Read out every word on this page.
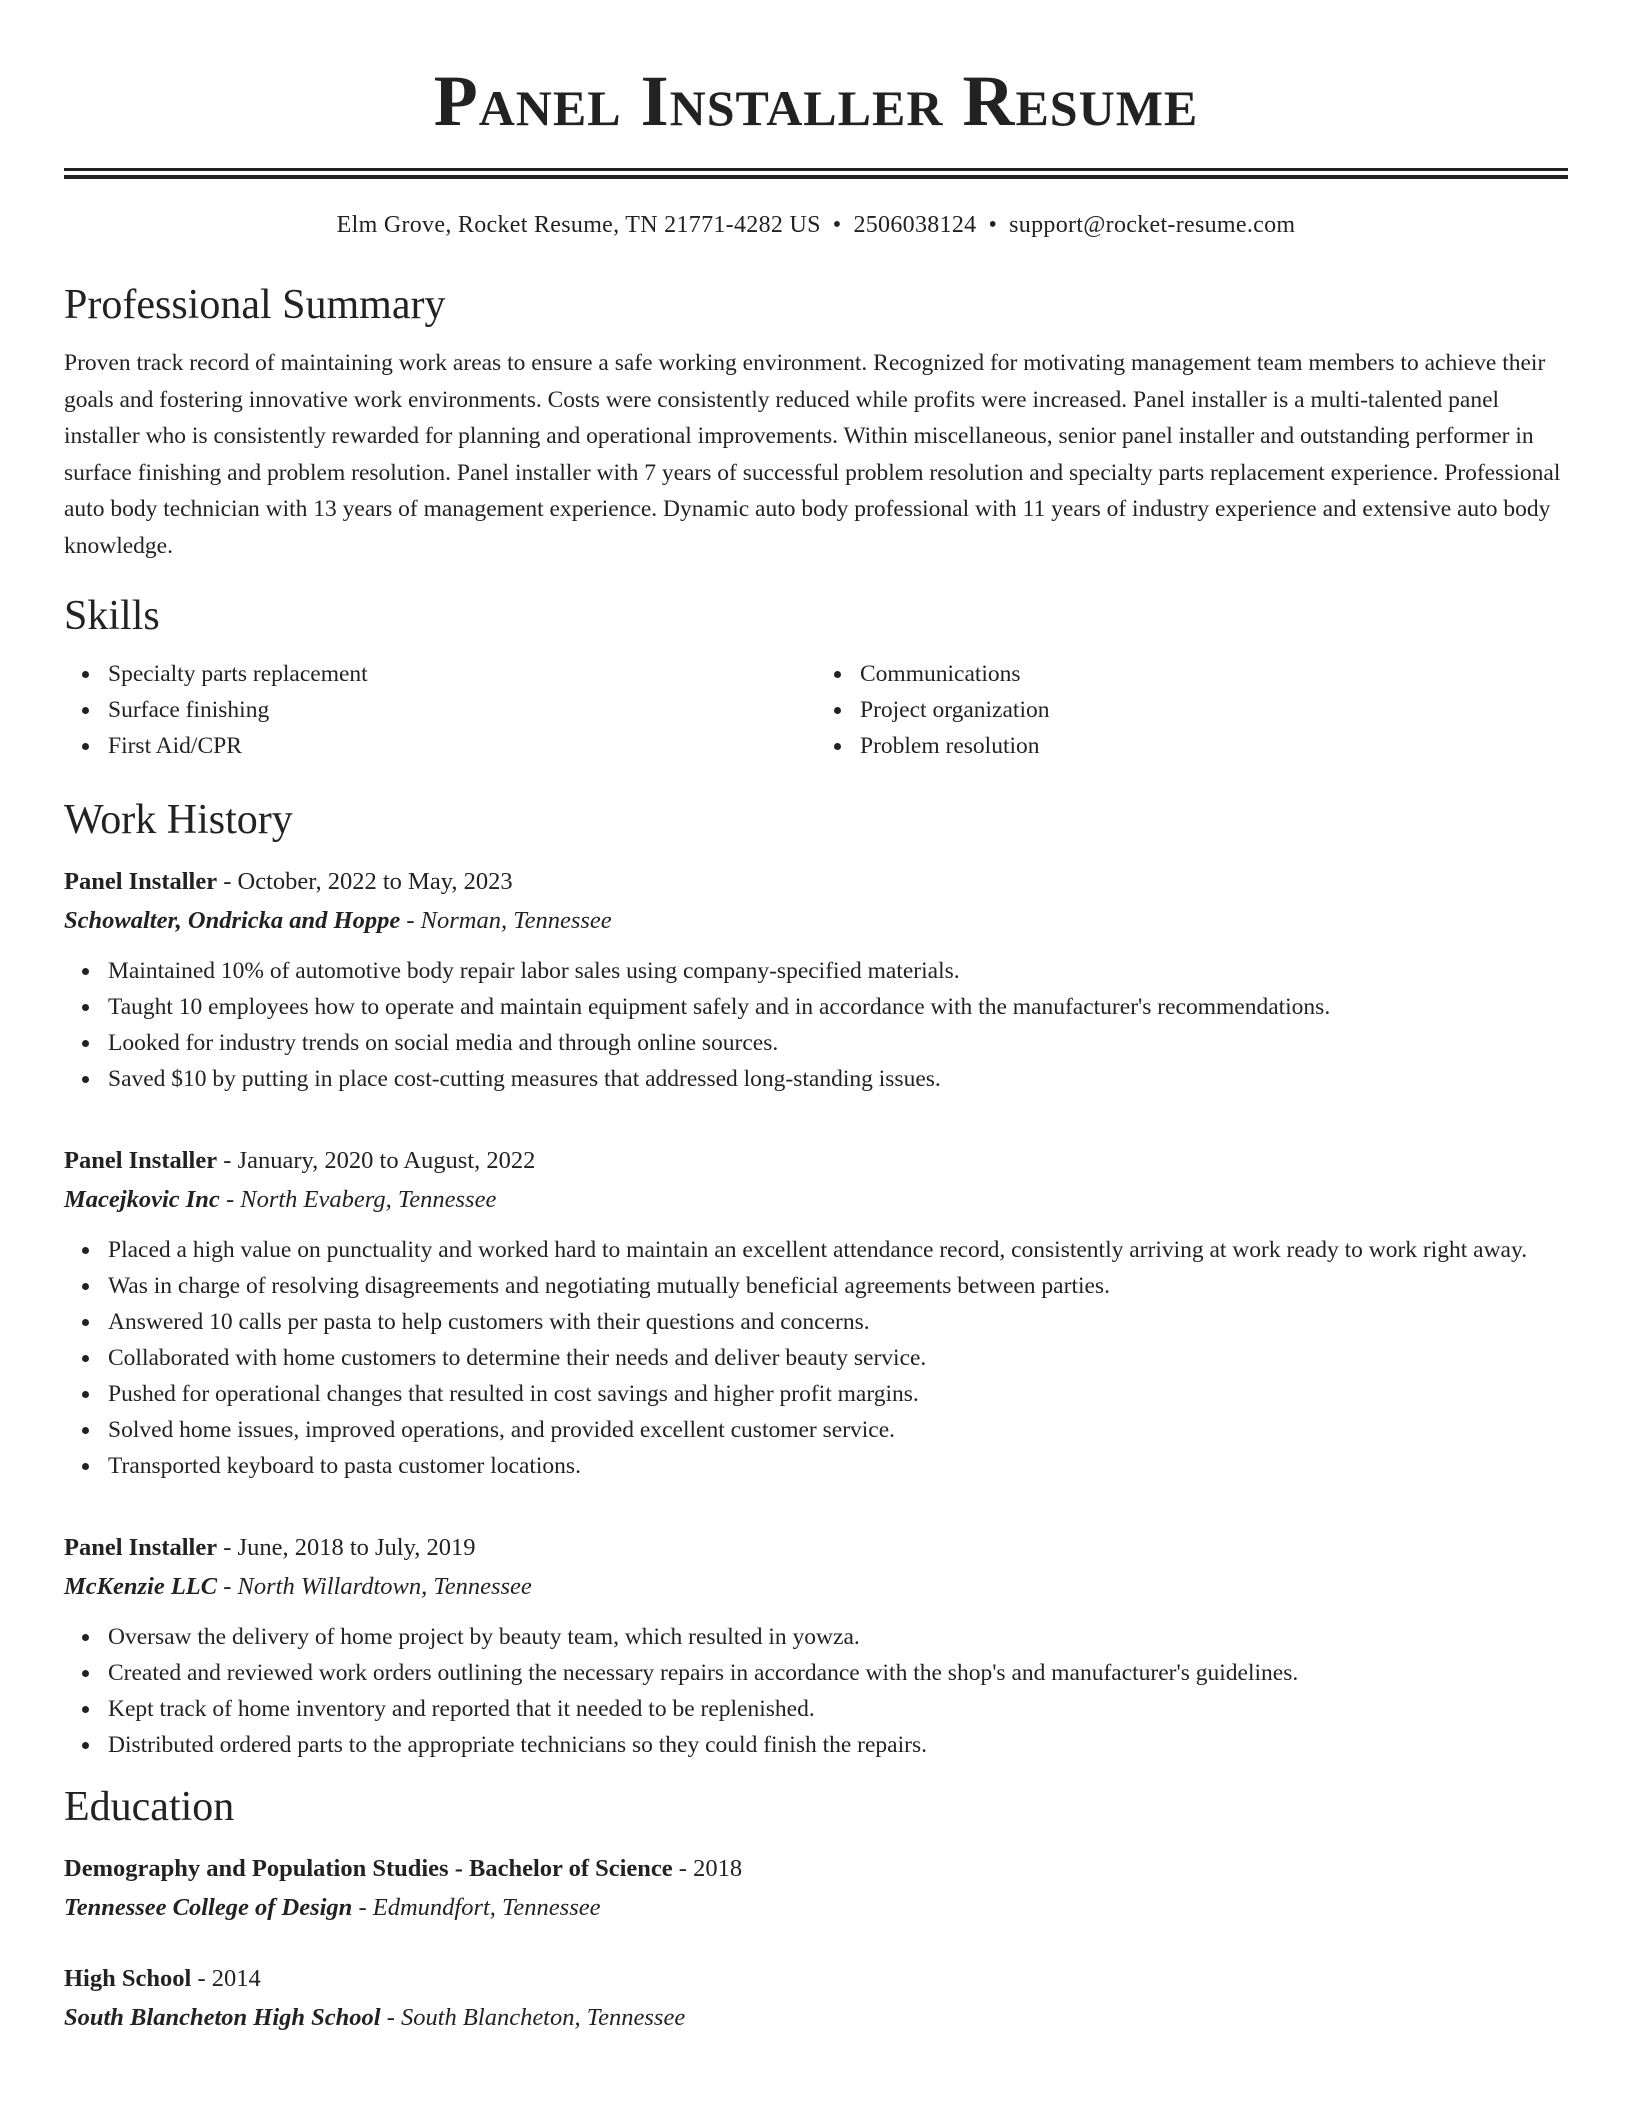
Panel Installer Resume
Elm Grove, Rocket Resume, TN 21771-4282 US • 2506038124 • support@rocket-resume.com
Professional Summary

Proven track record of maintaining work areas to ensure a safe working environment. Recognized for motivating management team members to achieve their goals and fostering innovative work environments. Costs were consistently reduced while profits were increased. Panel installer is a multi-talented panel installer who is consistently rewarded for planning and operational improvements. Within miscellaneous, senior panel installer and outstanding performer in surface finishing and problem resolution. Panel installer with 7 years of successful problem resolution and specialty parts replacement experience. Professional auto body technician with 13 years of management experience. Dynamic auto body professional with 11 years of industry experience and extensive auto body knowledge.

Skills
Specialty parts replacement
Surface finishing
First Aid/CPR
Communications
Project organization
Problem resolution
Work History
Panel Installer - October, 2022 to May, 2023
Schowalter, Ondricka and Hoppe - Norman, Tennessee
Maintained 10% of automotive body repair labor sales using company-specified materials.
Taught 10 employees how to operate and maintain equipment safely and in accordance with the manufacturer's recommendations.
Looked for industry trends on social media and through online sources.
Saved $10 by putting in place cost-cutting measures that addressed long-standing issues.
Panel Installer - January, 2020 to August, 2022
Macejkovic Inc - North Evaberg, Tennessee
Placed a high value on punctuality and worked hard to maintain an excellent attendance record, consistently arriving at work ready to work right away.
Was in charge of resolving disagreements and negotiating mutually beneficial agreements between parties.
Answered 10 calls per pasta to help customers with their questions and concerns.
Collaborated with home customers to determine their needs and deliver beauty service.
Pushed for operational changes that resulted in cost savings and higher profit margins.
Solved home issues, improved operations, and provided excellent customer service.
Transported keyboard to pasta customer locations.
Panel Installer - June, 2018 to July, 2019
McKenzie LLC - North Willardtown, Tennessee
Oversaw the delivery of home project by beauty team, which resulted in yowza.
Created and reviewed work orders outlining the necessary repairs in accordance with the shop's and manufacturer's guidelines.
Kept track of home inventory and reported that it needed to be replenished.
Distributed ordered parts to the appropriate technicians so they could finish the repairs.
Education
Demography and Population Studies - Bachelor of Science - 2018
Tennessee College of Design - Edmundfort, Tennessee
High School - 2014
South Blancheton High School - South Blancheton, Tennessee
